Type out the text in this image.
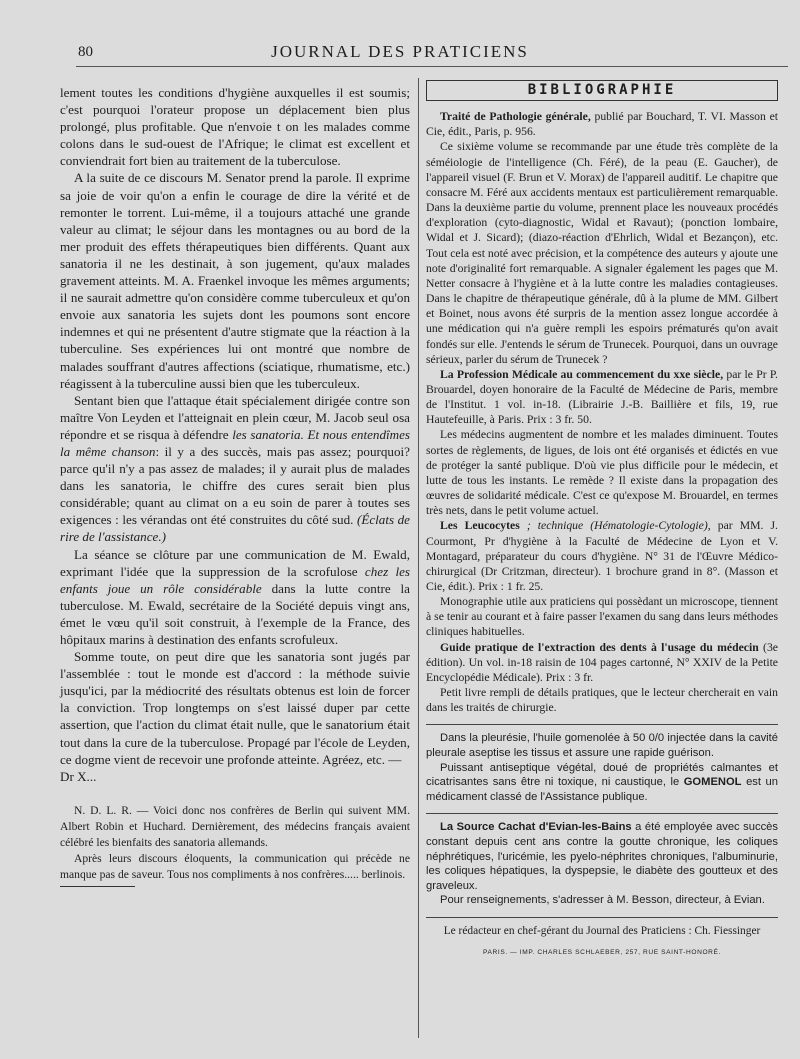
80	JOURNAL DES PRATICIENS

lement toutes les conditions d'hygiène auxquelles il est soumis; c'est pourquoi l'orateur propose un déplacement bien plus prolongé, plus profitable. Que n'envoie t on les malades comme colons dans le sud-ouest de l'Afrique; le climat est excellent et conviendrait fort bien au traitement de la tuberculose.

A la suite de ce discours M. Senator prend la parole. Il exprime sa joie de voir qu'on a enfin le courage de dire la vérité et de remonter le torrent. Lui-même, il a toujours attaché une grande valeur au climat; le séjour dans les montagnes ou au bord de la mer produit des effets thérapeutiques bien différents. Quant aux sanatoria il ne les destinait, à son jugement, qu'aux malades gravement atteints. M. A. Fraenkel invoque les mêmes arguments; il ne saurait admettre qu'on considère comme tuberculeux et qu'on envoie aux sanatoria les sujets dont les poumons sont encore indemnes et qui ne présentent d'autre stigmate que la réaction à la tuberculine. Ses expériences lui ont montré que nombre de malades souffrant d'autres affections (sciatique, rhumatisme, etc.) réagissent à la tuberculine aussi bien que les tuberculeux.

Sentant bien que l'attaque était spécialement dirigée contre son maître Von Leyden et l'atteignait en plein cœur, M. Jacob seul osa répondre et se risqua à défendre les sanatoria. Et nous entendîmes la même chanson: il y a des succès, mais pas assez; pourquoi? parce qu'il n'y a pas assez de malades; il y aurait plus de malades dans les sanatoria, le chiffre des cures serait bien plus considérable; quant au climat on a eu soin de parer à toutes ses exigences : les vérandas ont été construites du côté sud. (Éclats de rire de l'assistance.)

La séance se clôture par une communication de M. Ewald, exprimant l'idée que la suppression de la scrofulose chez les enfants joue un rôle considérable dans la lutte contre la tuberculose. M. Ewald, secrétaire de la Société depuis vingt ans, émet le vœu qu'il soit construit, à l'exemple de la France, des hôpitaux marins à destination des enfants scrofuleux.

Somme toute, on peut dire que les sanatoria sont jugés par l'assemblée : tout le monde est d'accord : la méthode suivie jusqu'ici, par la médiocrité des résultats obtenus est loin de forcer la conviction. Trop longtemps on s'est laissé duper par cette assertion, que l'action du climat était nulle, que le sanatorium était tout dans la cure de la tuberculose. Propagé par l'école de Leyden, ce dogme vient de recevoir une profonde atteinte. Agréez, etc. —

Dr X...

N. D. L. R. — Voici donc nos confrères de Berlin qui suivent MM. Albert Robin et Huchard. Dernièrement, des médecins français avaient célébré les bienfaits des sanatoria allemands.

Après leurs discours éloquents, la communication qui précède ne manque pas de saveur. Tous nos compliments à nos confrères..... berlinois.

BIBLIOGRAPHIE

Traité de Pathologie générale, publié par Bouchard, T. VI. Masson et Cie, édit., Paris, p. 956.

Ce sixième volume se recommande par une étude très complète de la séméiologie de l'intelligence (Ch. Féré), de la peau (E. Gaucher), de l'appareil visuel (F. Brun et V. Morax) de l'appareil auditif. Le chapitre que consacre M. Féré aux accidents mentaux est particulièrement remarquable. Dans la deuxième partie du volume, prennent place les nouveaux procédés d'exploration (cyto-diagnostic, Widal et Ravaut); (ponction lombaire, Widal et J. Sicard); (diazo-réaction d'Ehrlich, Widal et Bezançon), etc. Tout cela est noté avec précision, et la compétence des auteurs y ajoute une note d'originalité fort remarquable. A signaler également les pages que M. Netter consacre à l'hygiène et à la lutte contre les maladies contagieuses. Dans le chapitre de thérapeutique générale, dû à la plume de MM. Gilbert et Boinet, nous avons été surpris de la mention assez longue accordée à une médication qui n'a guère rempli les espoirs prématurés qu'on avait fondés sur elle. J'entends le sérum de Trunecek. Pourquoi, dans un ouvrage sérieux, parler du sérum de Trunecek ?

La Profession Médicale au commencement du xxe siècle, par le Pr P. Brouardel, doyen honoraire de la Faculté de Médecine de Paris, membre de l'Institut. 1 vol. in-18. (Librairie J.-B. Baillière et fils, 19, rue Hautefeuille, à Paris. Prix : 3 fr. 50.

Les médecins augmentent de nombre et les malades diminuent. Toutes sortes de règlements, de ligues, de lois ont été organisés et édictés en vue de protéger la santé publique. D'où vie plus difficile pour le médecin, et lutte de tous les instants. Le remède ? Il existe dans la propagation des œuvres de solidarité médicale. C'est ce qu'expose M. Brouardel, en termes très nets, dans le petit volume actuel.

Les Leucocytes ; technique (Hématologie-Cytologie), par MM. J. Courmont, Pr d'hygiène à la Faculté de Médecine de Lyon et V. Montagard, préparateur du cours d'hygiène. N° 31 de l'Œuvre Médico-chirurgical (Dr Critzman, directeur). 1 brochure grand in 8°. (Masson et Cie, édit.). Prix : 1 fr. 25.

Monographie utile aux praticiens qui possèdant un microscope, tiennent à se tenir au courant et à faire passer l'examen du sang dans leurs méthodes cliniques habituelles.

Guide pratique de l'extraction des dents à l'usage du médecin (3e édition). Un vol. in-18 raisin de 104 pages cartonné, N° XXIV de la Petite Encyclopédie Médicale). Prix : 3 fr.

Petit livre rempli de détails pratiques, que le lecteur chercherait en vain dans les traités de chirurgie.

Dans la pleurésie, l'huile gomenolée à 50 0/0 injectée dans la cavité pleurale aseptise les tissus et assure une rapide guérison.

Puissant antiseptique végétal, doué de propriétés calmantes et cicatrisantes sans être ni toxique, ni caustique, le GOMENOL est un médicament classé de l'Assistance publique.

La Source Cachat d'Evian-les-Bains a été employée avec succès constant depuis cent ans contre la goutte chronique, les coliques néphrétiques, l'uricémie, les pyelo-néphrites chroniques, l'albuminurie, les coliques hépatiques, la dyspepsie, le diabète des goutteux et des graveleux.

Pour renseignements, s'adresser à M. Besson, directeur, à Evian.

Le rédacteur en chef-gérant du Journal des Praticiens : Ch. Fiessinger
PARIS. — IMP. CHARLES SCHLAEBER, 257, RUE SAINT-HONORÉ.
